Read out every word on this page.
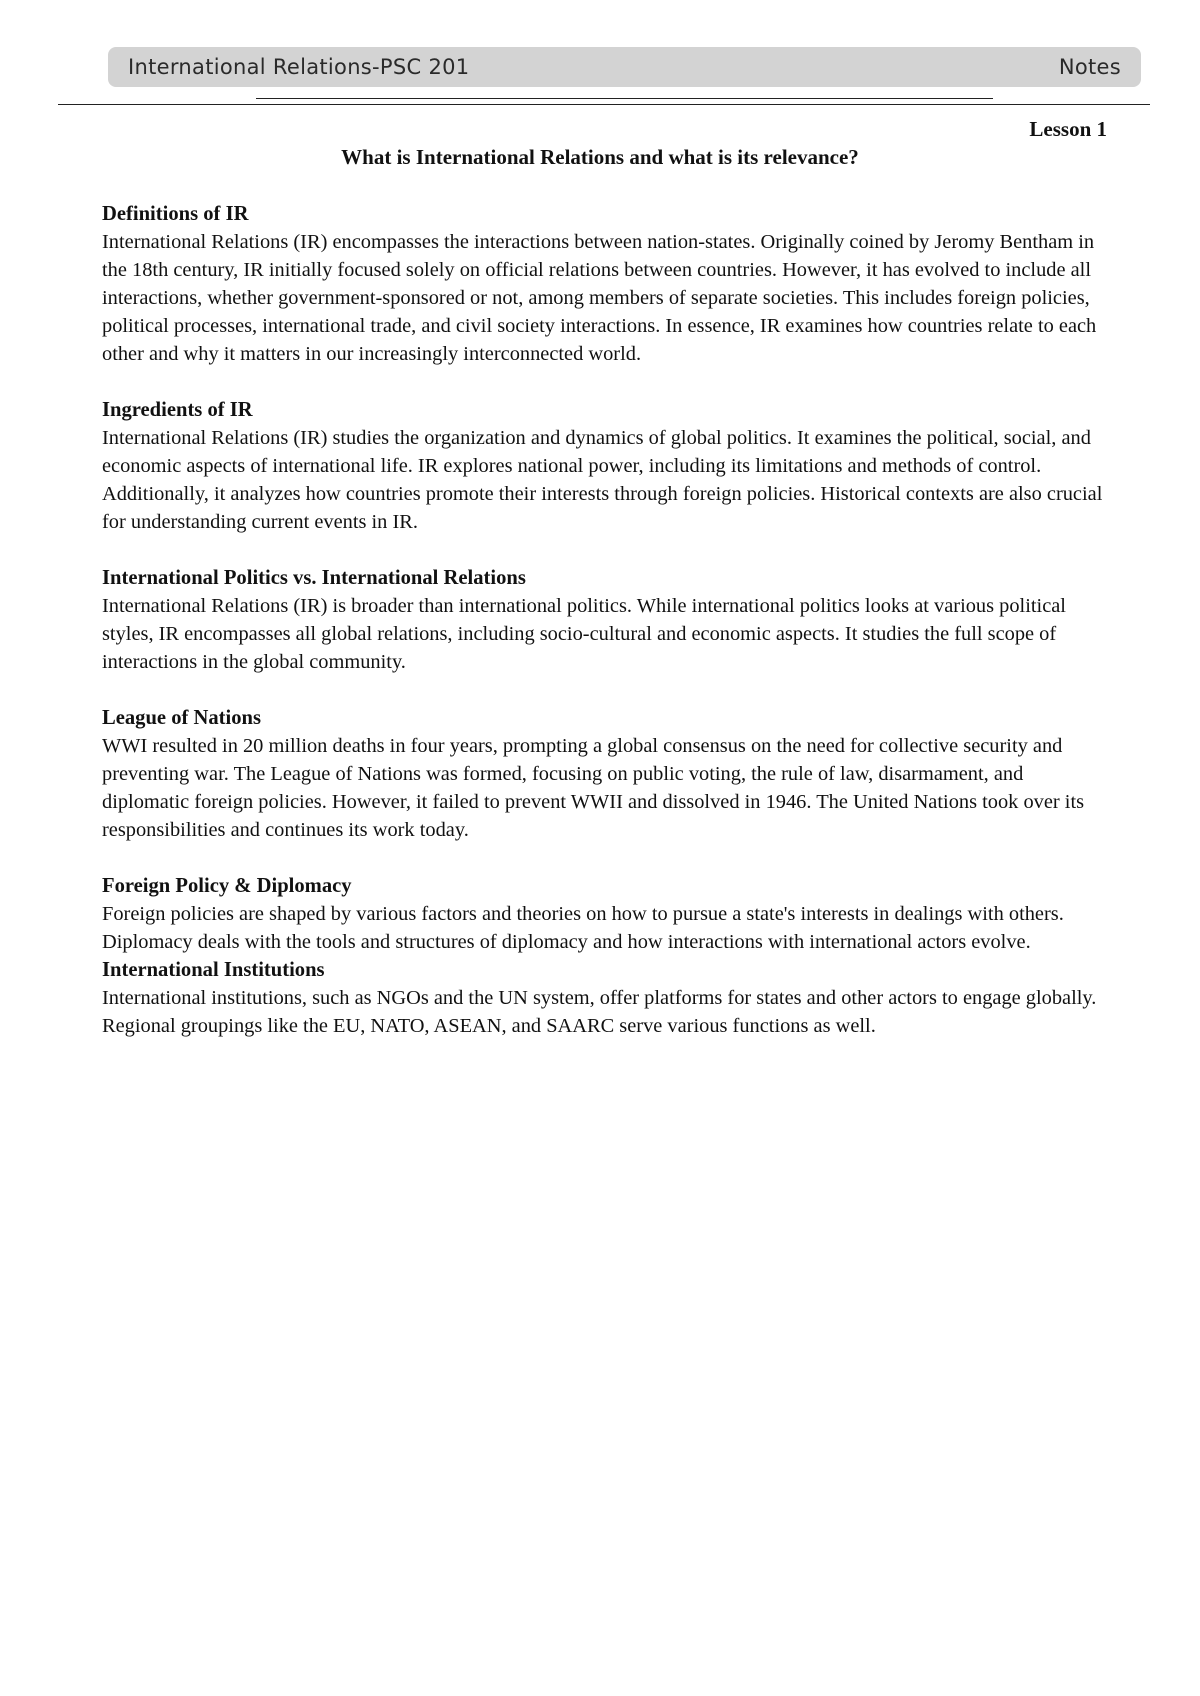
International Relations-PSC 201	Notes
Lesson 1
What is International Relations and what is its relevance?
Definitions of IR

International Relations (IR) encompasses the interactions between nation-states. Originally coined by Jeromy Bentham in the 18th century, IR initially focused solely on official relations between countries. However, it has evolved to include all interactions, whether government-sponsored or not, among members of separate societies. This includes foreign policies, political processes, international trade, and civil society interactions. In essence, IR examines how countries relate to each other and why it matters in our increasingly interconnected world.

Ingredients of IR

International Relations (IR) studies the organization and dynamics of global politics. It examines the political, social, and economic aspects of international life. IR explores national power, including its limitations and methods of control. Additionally, it analyzes how countries promote their interests through foreign policies. Historical contexts are also crucial for understanding current events in IR.

International Politics vs. International Relations

International Relations (IR) is broader than international politics. While international politics looks at various political styles, IR encompasses all global relations, including socio-cultural and economic aspects. It studies the full scope of interactions in the global community.

League of Nations

WWI resulted in 20 million deaths in four years, prompting a global consensus on the need for collective security and preventing war. The League of Nations was formed, focusing on public voting, the rule of law, disarmament, and diplomatic foreign policies. However, it failed to prevent WWII and dissolved in 1946. The United Nations took over its responsibilities and continues its work today.

Foreign Policy & Diplomacy

Foreign policies are shaped by various factors and theories on how to pursue a state's interests in dealings with others. Diplomacy deals with the tools and structures of diplomacy and how interactions with international actors evolve.

International Institutions

International institutions, such as NGOs and the UN system, offer platforms for states and other actors to engage globally. Regional groupings like the EU, NATO, ASEAN, and SAARC serve various functions as well.
